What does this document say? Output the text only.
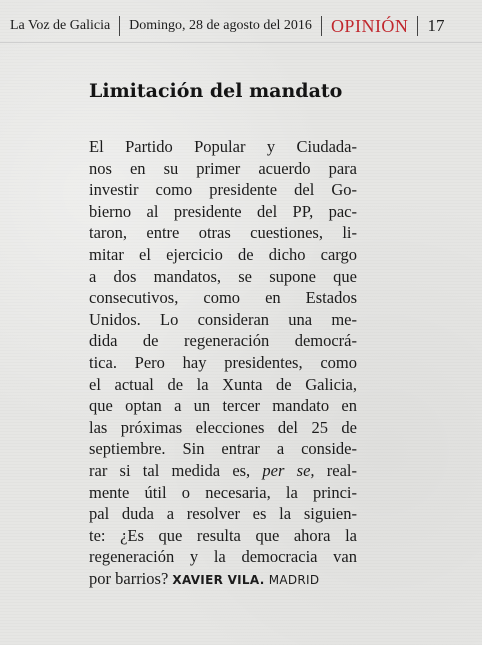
La Voz de Galicia Domingo, 28 de agosto del 2016 OPINIÓN 17
Limitación del mandato
El Partido Popular y Ciudada-
nos en su primer acuerdo para
investir como presidente del Go-
bierno al presidente del PP, pac-
taron, entre otras cuestiones, li-
mitar el ejercicio de dicho cargo
a dos mandatos, se supone que
consecutivos, como en Estados
Unidos. Lo consideran una me-
dida de regeneración democrá-
tica. Pero hay presidentes, como
el actual de la Xunta de Galicia,
que optan a un tercer mandato en
las próximas elecciones del 25 de
septiembre. Sin entrar a conside-
rar si tal medida es, per se, real-
mente útil o necesaria, la princi-
pal duda a resolver es la siguien-
te: ¿Es que resulta que ahora la
regeneración y la democracia van
por barrios? XAVIER VILA. MADRID
